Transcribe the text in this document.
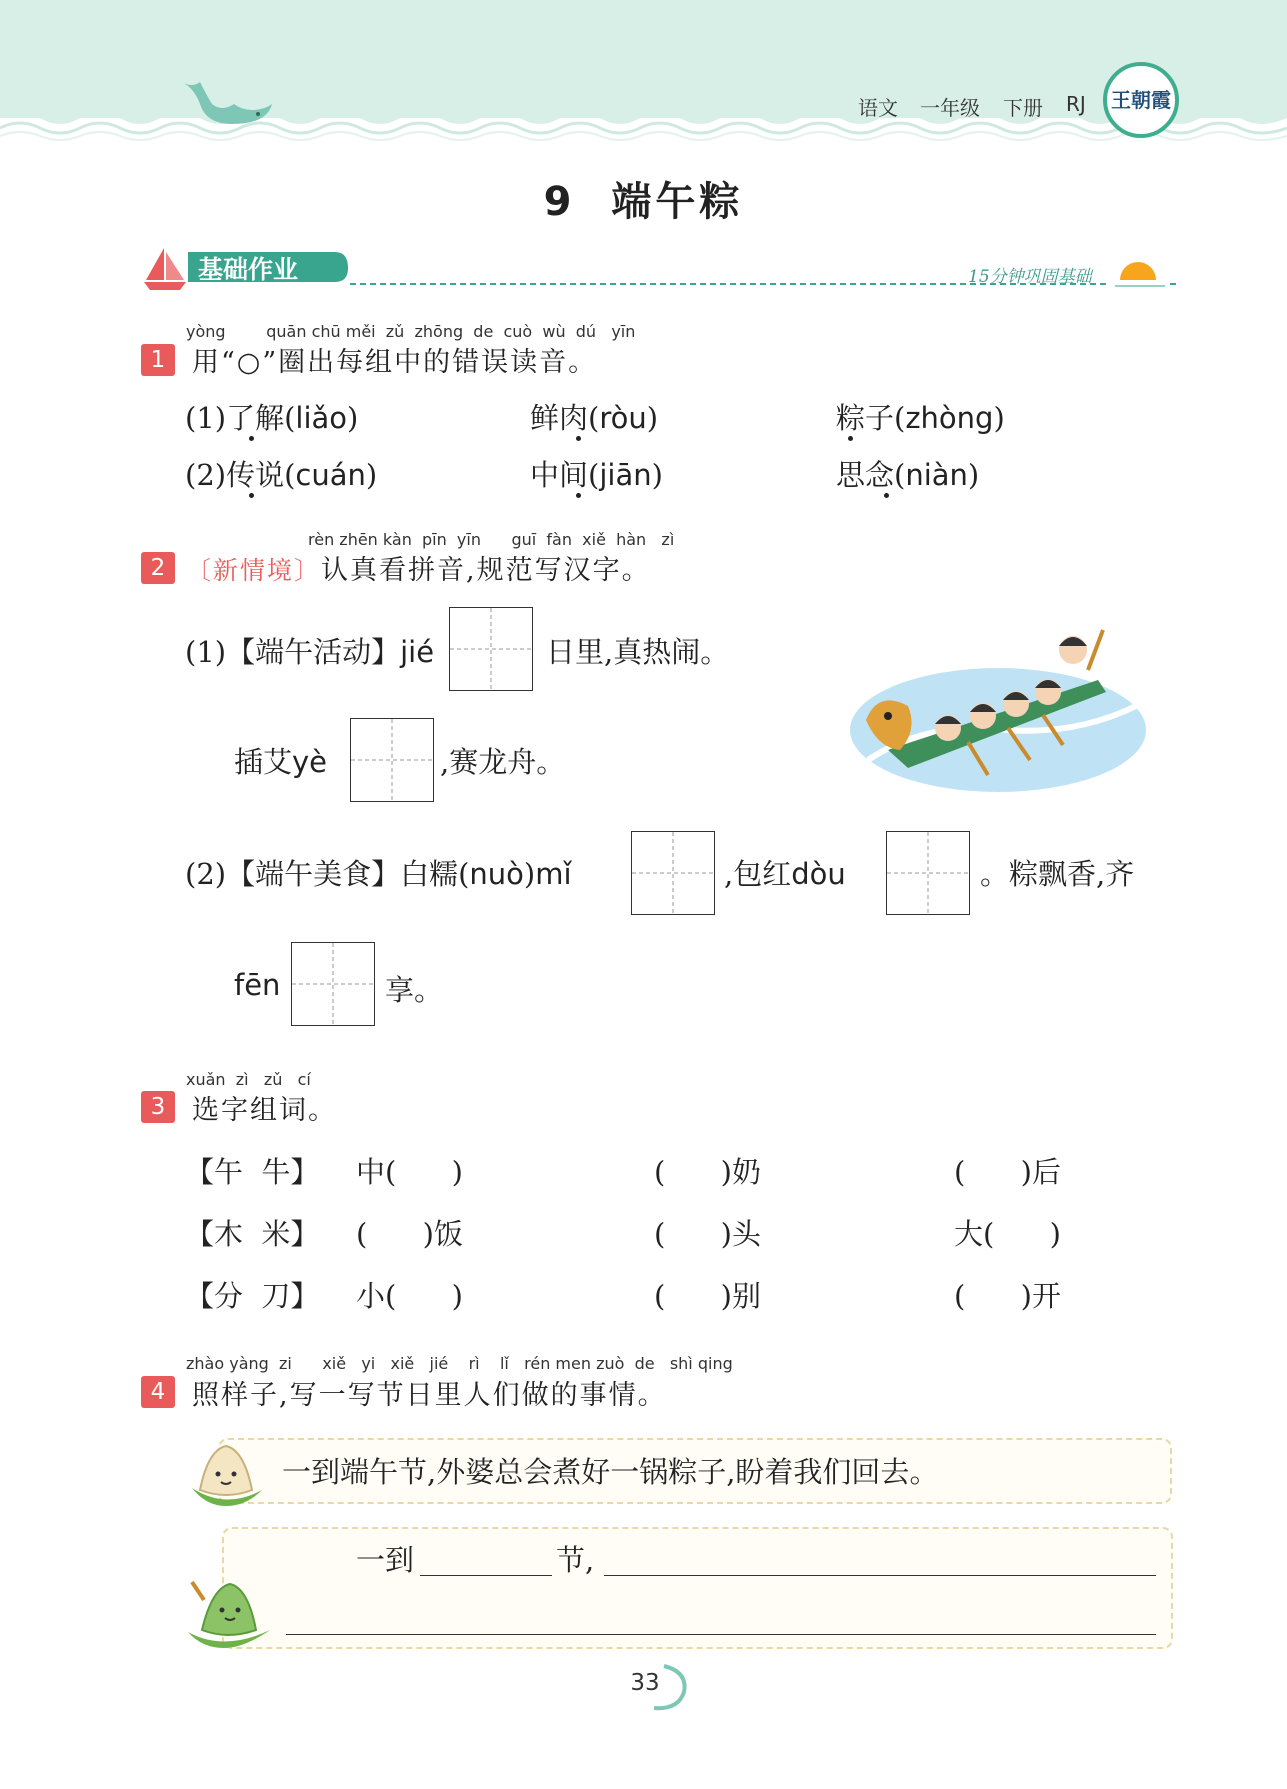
语文 一年级 下册 RJ 王朝霞
9 端午粽
基础作业	15分钟巩固基础
yòng        quān chū měi  zǔ  zhōng  de  cuò  wù  dú   yīn
1 用“○”圈出每组中的错误读音。
(1)了解(liǎo)	鲜肉(ròu)	粽子(zhòng)
(2)传说(cuán)	中间(jiān)	思念(niàn)
rèn zhēn kàn  pīn  yīn      guī  fàn  xiě  hàn   zì
2 〔新情境〕认真看拼音,规范写汉字。
(1)【端午活动】jié	日里,真热闹。
插艾yè	,赛龙舟。
(2)【端午美食】白糯(nuò)mǐ	,包红dòu	。粽飘香,齐
fēn	享。
xuǎn  zì   zǔ   cí
3 选字组词。
【午  牛】 中(      )	(      )奶	(      )后
【木  米】 (      )饭	(      )头	大(      )
【分  刀】 小(      )	(      )别	(      )开
zhào yàng  zi      xiě   yi   xiě   jié    rì    lǐ   rén men zuò  de   shì qing
4 照样子,写一写节日里人们做的事情。
一到端午节,外婆总会煮好一锅粽子,盼着我们回去。
一到	节,
33
